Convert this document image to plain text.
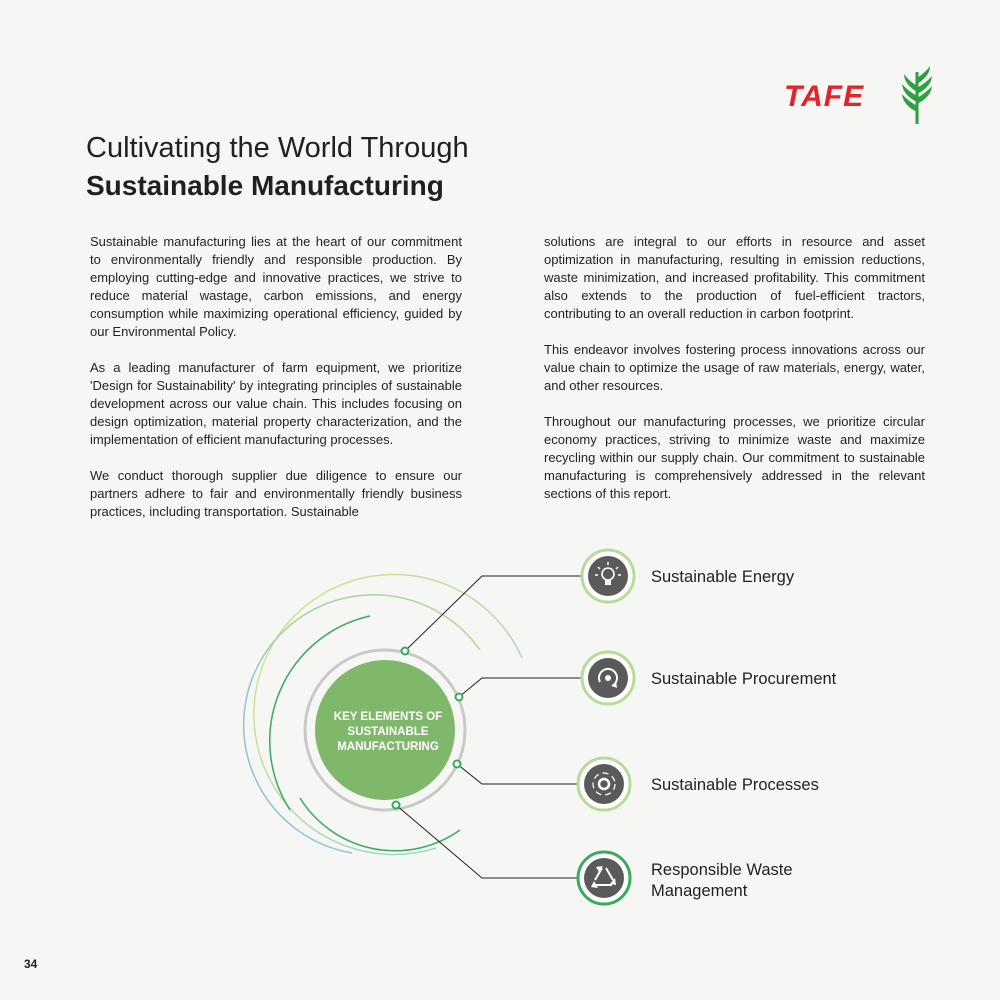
TAFE
Cultivating the World Through
Sustainable Manufacturing

Sustainable manufacturing lies at the heart of our commitment to environmentally friendly and responsible production. By employing cutting-edge and innovative practices, we strive to reduce material wastage, carbon emissions, and energy consumption while maximizing operational efficiency, guided by our Environmental Policy.

As a leading manufacturer of farm equipment, we prioritize 'Design for Sustainability' by integrating principles of sustainable development across our value chain. This includes focusing on design optimization, material property characterization, and the implementation of efficient manufacturing processes.

We conduct thorough supplier due diligence to ensure our partners adhere to fair and environmentally friendly business practices, including transportation. Sustainable

solutions are integral to our efforts in resource and asset optimization in manufacturing, resulting in emission reductions, waste minimization, and increased profitability. This commitment also extends to the production of fuel-efficient tractors, contributing to an overall reduction in carbon footprint.

This endeavor involves fostering process innovations across our value chain to optimize the usage of raw materials, energy, water, and other resources.

Throughout our manufacturing processes, we prioritize circular economy practices, striving to minimize waste and maximize recycling within our supply chain. Our commitment to sustainable manufacturing is comprehensively addressed in the relevant sections of this report.

KEY ELEMENTS OF SUSTAINABLE MANUFACTURING
Sustainable Energy
Sustainable Procurement
Sustainable Processes
Responsible Waste Management
34
